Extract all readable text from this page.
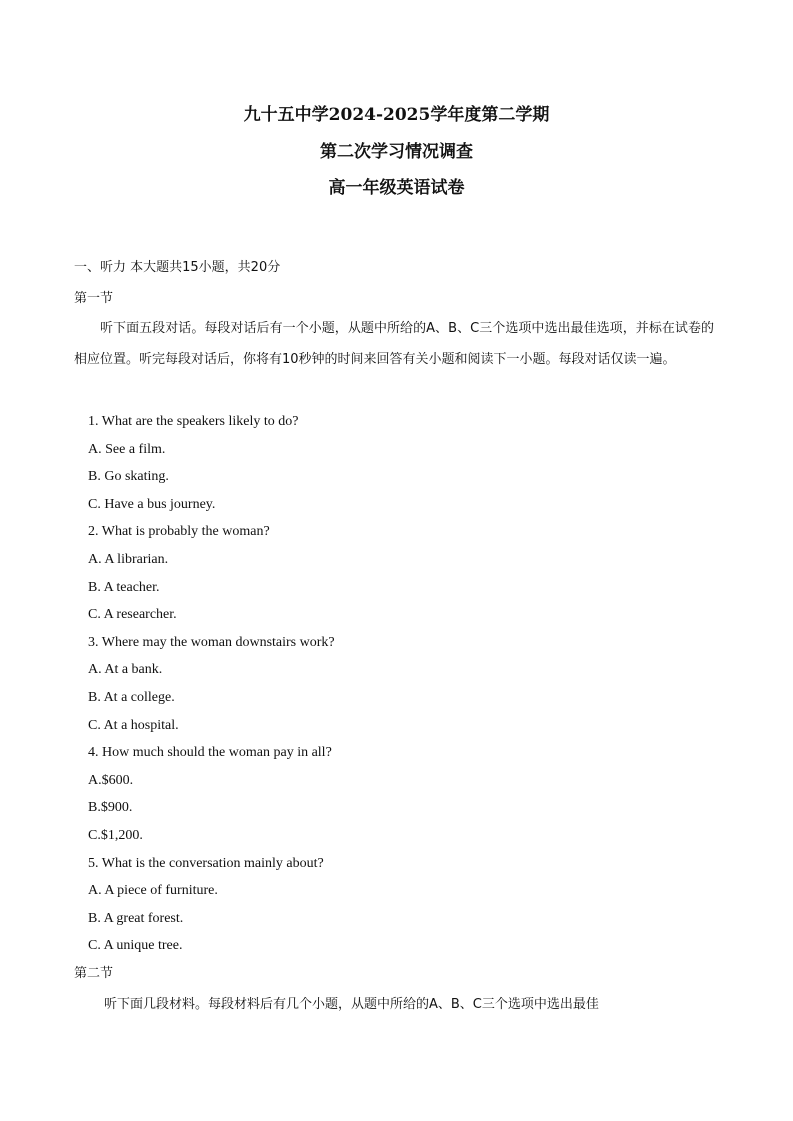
九十五中学2024-2025学年度第二学期
第二次学习情况调查
高一年级英语试卷
一、听力 本大题共15小题，共20分
第一节
听下面五段对话。每段对话后有一个小题，从题中所给的A、B、C三个选项中选出最佳选项，并标在试卷的相应位置。听完每段对话后，你将有10秒钟的时间来回答有关小题和阅读下一小题。每段对话仅读一遍。
1. What are the speakers likely to do?
A. See a film.
B. Go skating.
C. Have a bus journey.
2. What is probably the woman?
A. A librarian.
B. A teacher.
C. A researcher.
3. Where may the woman downstairs work?
A. At a bank.
B. At a college.
C. At a hospital.
4. How much should the woman pay in all?
A.$600.
B.$900.
C.$1,200.
5. What is the conversation mainly about?
A. A piece of furniture.
B. A great forest.
C. A unique tree.
第二节
听下面几段材料。每段材料后有几个小题，从题中所给的A、B、C三个选项中选出最佳
